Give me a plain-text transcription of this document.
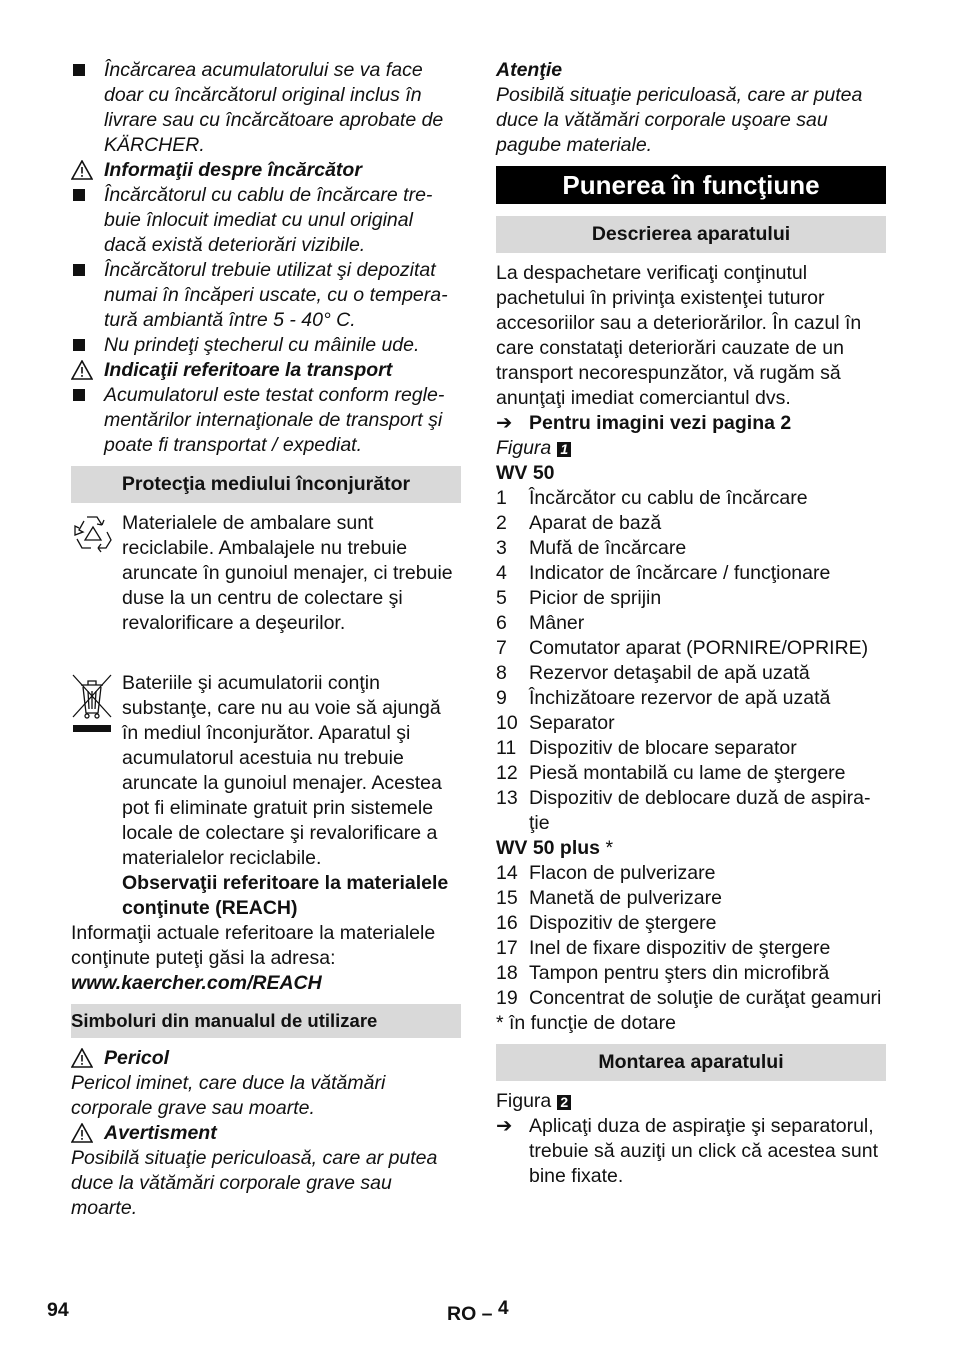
Încărcarea acumulatorului se va face doar cu încărcătorul original inclus în livrare sau cu încărcătoare aprobate de KÄRCHER.
Informaţii despre încărcător
Încărcătorul cu cablu de încărcare tre-
buie înlocuit imediat cu unul original
dacă există deteriorări vizibile.
Încărcătorul trebuie utilizat şi depozitat
numai în încăperi uscate, cu o tempera-
tură ambiantă între 5 - 40° C.
Nu prindeţi ştecherul cu mâinile ude.
Indicaţii referitoare la transport
Acumulatorul este testat conform regle-
mentărilor internaţionale de transport şi
poate fi transportat / expediat.
Protecţia mediului înconjurător
Materialele de ambalare sunt reciclabile. Ambalajele nu trebuie aruncate în gunoiul menajer, ci trebuie duse la un centru de colectare şi revalorificare a deşeurilor.
Bateriile şi acumulatorii conţin substanţe, care nu au voie să ajungă în mediul înconjurător. Aparatul şi acumulatorul acestuia nu trebuie aruncate la gunoiul menajer. Acestea pot fi eliminate gratuit prin sistemele locale de colectare şi revalorificare a materialelor reciclabile.
Observaţii referitoare la materialele conţinute (REACH)
Informaţii actuale referitoare la materialele conţinute puteţi găsi la adresa:
www.kaercher.com/REACH
Simboluri din manualul de utilizare
Pericol
Pericol iminet, care duce la vătămări corporale grave sau moarte.
Avertisment
Posibilă situaţie periculoasă, care ar putea duce la vătămări corporale grave sau moarte.
Atenţie
Posibilă situaţie periculoasă, care ar putea duce la vătămări corporale uşoare sau pagube materiale.
Punerea în funcţiune
Descrierea aparatului
La despachetare verificaţi conţinutul pachetului în privinţa existenţei tuturor accesoriilor sau a deteriorărilor. În cazul în care constataţi deteriorări cauzate de un transport necorespunzător, vă rugăm să anunţaţi imediat comerciantul dvs.
➔ Pentru imagini vezi pagina 2
Figura 1
WV 50
1 Încărcător cu cablu de încărcare
2 Aparat de bază
3 Mufă de încărcare
4 Indicator de încărcare / funcţionare
5 Picior de sprijin
6 Mâner
7 Comutator aparat (PORNIRE/OPRIRE)
8 Rezervor detaşabil de apă uzată
9 Închizătoare rezervor de apă uzată
10 Separator
11 Dispozitiv de blocare separator
12 Piesă montabilă cu lame de ştergere
13 Dispozitiv de deblocare duză de aspira-ţie
WV 50 plus *
14 Flacon de pulverizare
15 Manetă de pulverizare
16 Dispozitiv de ştergere
17 Inel de fixare dispozitiv de ştergere
18 Tampon pentru şters din microfibră
19 Concentrat de soluţie de curăţat geamuri
* în funcţie de dotare
Montarea aparatului
Figura 2
➔ Aplicaţi duza de aspiraţie şi separatorul, trebuie să auziţi un click că acestea sunt bine fixate.
94	RO – $^4$
